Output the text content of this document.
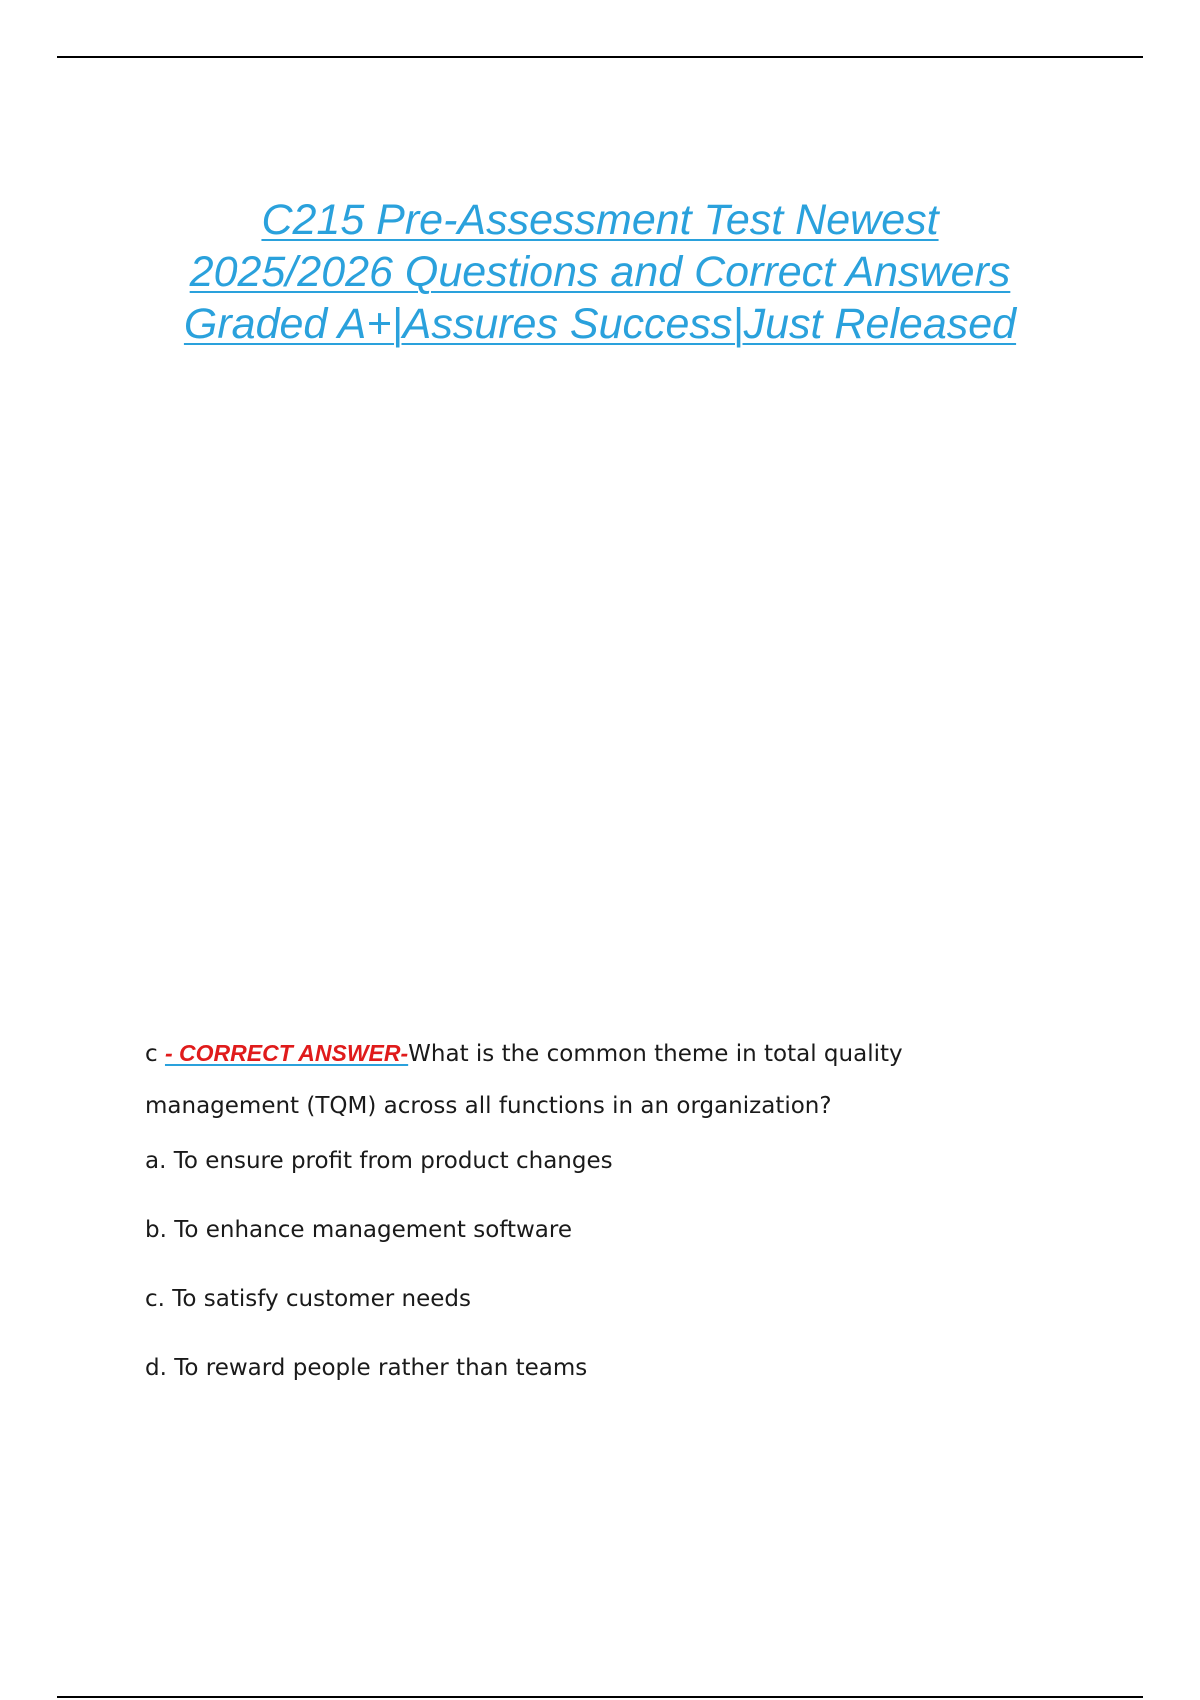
C215 Pre-Assessment Test Newest
2025/2026 Questions and Correct Answers
Graded A+|Assures Success|Just Released

c - CORRECT ANSWER-What is the common theme in total quality management (TQM) across all functions in an organization?

a. To ensure profit from product changes
b. To enhance management software
c. To satisfy customer needs
d. To reward people rather than teams
